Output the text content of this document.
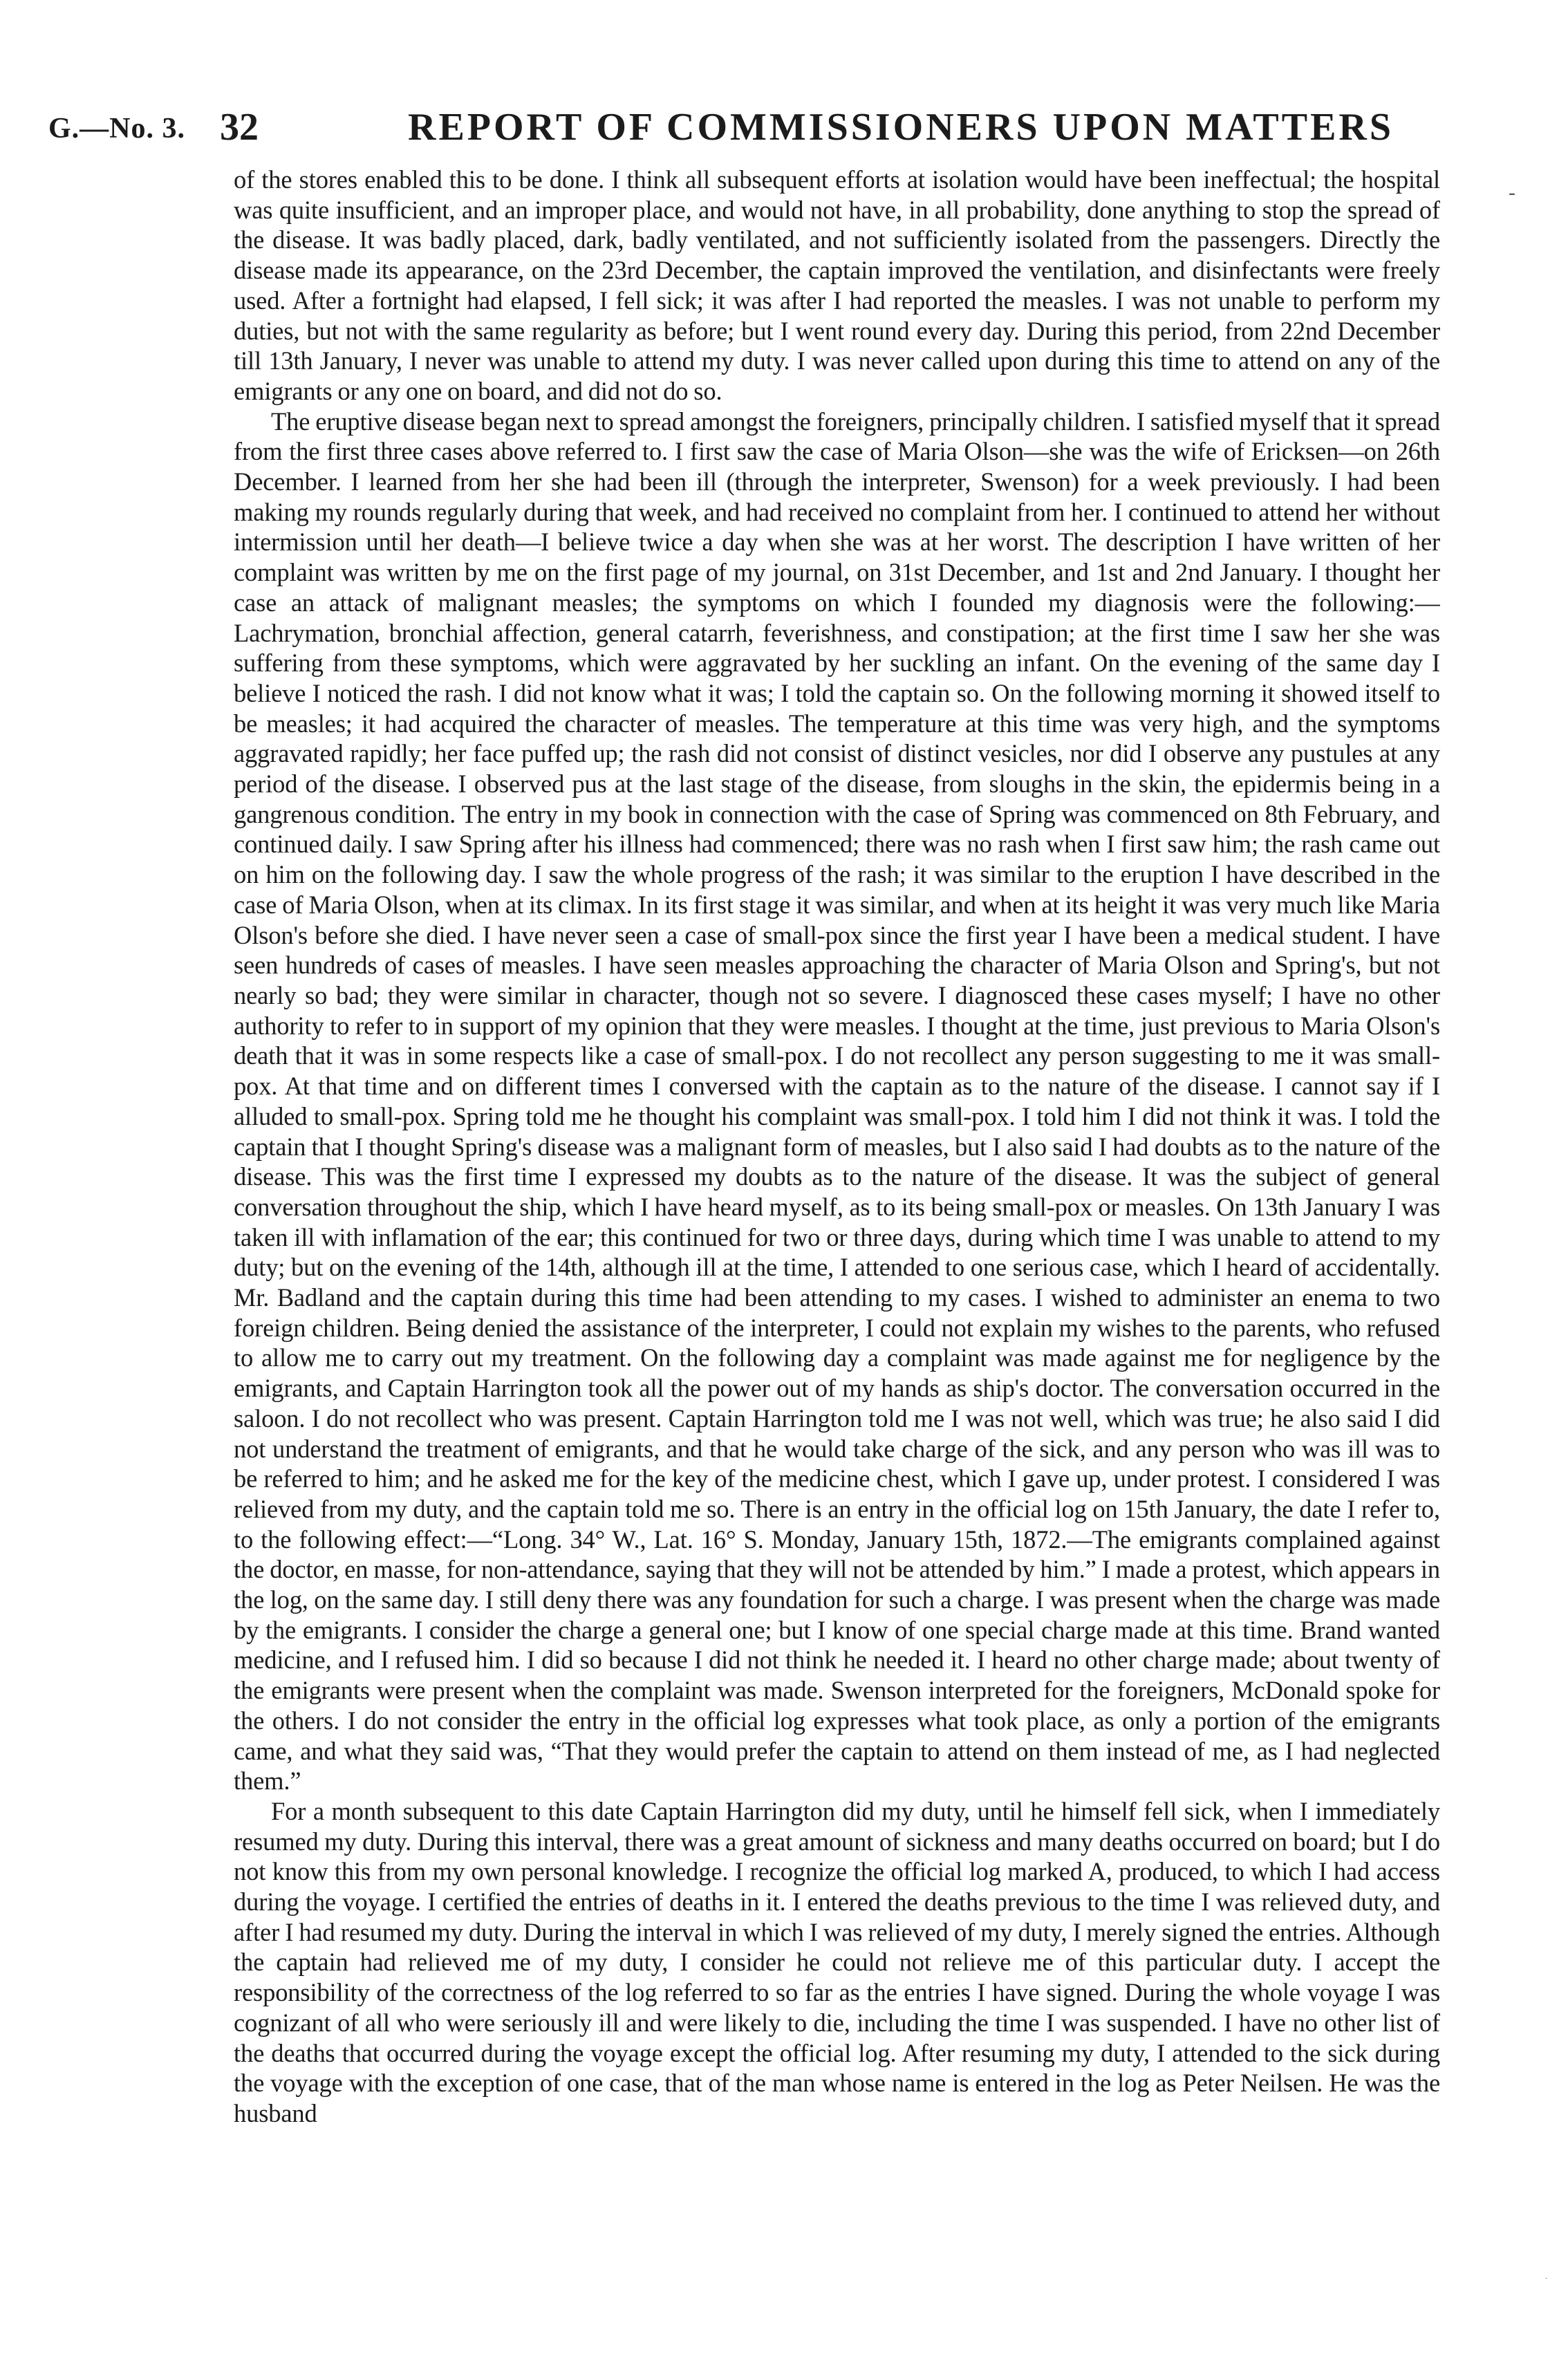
G.—No. 3. 32	REPORT OF COMMISSIONERS UPON MATTERS

of the stores enabled this to be done. I think all subsequent efforts at isolation would have been ineffectual; the hospital was quite insufficient, and an improper place, and would not have, in all probability, done anything to stop the spread of the disease. It was badly placed, dark, badly ventilated, and not sufficiently isolated from the passengers. Directly the disease made its appearance, on the 23rd December, the captain improved the ventilation, and disinfectants were freely used. After a fortnight had elapsed, I fell sick; it was after I had reported the measles. I was not unable to perform my duties, but not with the same regularity as before; but I went round every day. During this period, from 22nd December till 13th January, I never was unable to attend my duty. I was never called upon during this time to attend on any of the emigrants or any one on board, and did not do so.

The eruptive disease began next to spread amongst the foreigners, principally children. I satisfied myself that it spread from the first three cases above referred to. I first saw the case of Maria Olson—she was the wife of Ericksen—on 26th December. I learned from her she had been ill (through the interpreter, Swenson) for a week previously. I had been making my rounds regularly during that week, and had received no complaint from her. I continued to attend her without intermission until her death—I believe twice a day when she was at her worst. The description I have written of her complaint was written by me on the first page of my journal, on 31st December, and 1st and 2nd January. I thought her case an attack of malignant measles; the symptoms on which I founded my diagnosis were the following:—Lachrymation, bronchial affection, general catarrh, feverishness, and constipation; at the first time I saw her she was suffering from these symptoms, which were aggravated by her suckling an infant. On the evening of the same day I believe I noticed the rash. I did not know what it was; I told the captain so. On the following morning it showed itself to be measles; it had acquired the character of measles. The temperature at this time was very high, and the symptoms aggravated rapidly; her face puffed up; the rash did not consist of distinct vesicles, nor did I observe any pustules at any period of the disease. I observed pus at the last stage of the disease, from sloughs in the skin, the epidermis being in a gangrenous condition. The entry in my book in connection with the case of Spring was commenced on 8th February, and continued daily. I saw Spring after his illness had commenced; there was no rash when I first saw him; the rash came out on him on the following day. I saw the whole progress of the rash; it was similar to the eruption I have described in the case of Maria Olson, when at its climax. In its first stage it was similar, and when at its height it was very much like Maria Olson's before she died. I have never seen a case of small-pox since the first year I have been a medical student. I have seen hundreds of cases of measles. I have seen measles approaching the character of Maria Olson and Spring's, but not nearly so bad; they were similar in character, though not so severe. I diagnosced these cases myself; I have no other authority to refer to in support of my opinion that they were measles. I thought at the time, just previous to Maria Olson's death that it was in some respects like a case of small-pox. I do not recollect any person suggesting to me it was small-pox. At that time and on different times I conversed with the captain as to the nature of the disease. I cannot say if I alluded to small-pox. Spring told me he thought his complaint was small-pox. I told him I did not think it was. I told the captain that I thought Spring's disease was a malignant form of measles, but I also said I had doubts as to the nature of the disease. This was the first time I expressed my doubts as to the nature of the disease. It was the subject of general conversation throughout the ship, which I have heard myself, as to its being small-pox or measles. On 13th January I was taken ill with inflamation of the ear; this continued for two or three days, during which time I was unable to attend to my duty; but on the evening of the 14th, although ill at the time, I attended to one serious case, which I heard of accidentally. Mr. Badland and the captain during this time had been attending to my cases. I wished to administer an enema to two foreign children. Being denied the assistance of the interpreter, I could not explain my wishes to the parents, who refused to allow me to carry out my treatment. On the following day a complaint was made against me for negligence by the emigrants, and Captain Harrington took all the power out of my hands as ship's doctor. The conversation occurred in the saloon. I do not recollect who was present. Captain Harrington told me I was not well, which was true; he also said I did not understand the treatment of emigrants, and that he would take charge of the sick, and any person who was ill was to be referred to him; and he asked me for the key of the medicine chest, which I gave up, under protest. I considered I was relieved from my duty, and the captain told me so. There is an entry in the official log on 15th January, the date I refer to, to the following effect:—“Long. 34° W., Lat. 16° S. Monday, January 15th, 1872.—The emigrants complained against the doctor, en masse, for non-attendance, saying that they will not be attended by him.” I made a protest, which appears in the log, on the same day. I still deny there was any foundation for such a charge. I was present when the charge was made by the emigrants. I consider the charge a general one; but I know of one special charge made at this time. Brand wanted medicine, and I refused him. I did so because I did not think he needed it. I heard no other charge made; about twenty of the emigrants were present when the complaint was made. Swenson interpreted for the foreigners, McDonald spoke for the others. I do not consider the entry in the official log expresses what took place, as only a portion of the emigrants came, and what they said was, “That they would prefer the captain to attend on them instead of me, as I had neglected them.”

For a month subsequent to this date Captain Harrington did my duty, until he himself fell sick, when I immediately resumed my duty. During this interval, there was a great amount of sickness and many deaths occurred on board; but I do not know this from my own personal knowledge. I recognize the official log marked A, produced, to which I had access during the voyage. I certified the entries of deaths in it. I entered the deaths previous to the time I was relieved duty, and after I had resumed my duty. During the interval in which I was relieved of my duty, I merely signed the entries. Although the captain had relieved me of my duty, I consider he could not relieve me of this particular duty. I accept the responsibility of the correctness of the log referred to so far as the entries I have signed. During the whole voyage I was cognizant of all who were seriously ill and were likely to die, including the time I was suspended. I have no other list of the deaths that occurred during the voyage except the official log. After resuming my duty, I attended to the sick during the voyage with the exception of one case, that of the man whose name is entered in the log as Peter Neilsen. He was the husband

-
.
